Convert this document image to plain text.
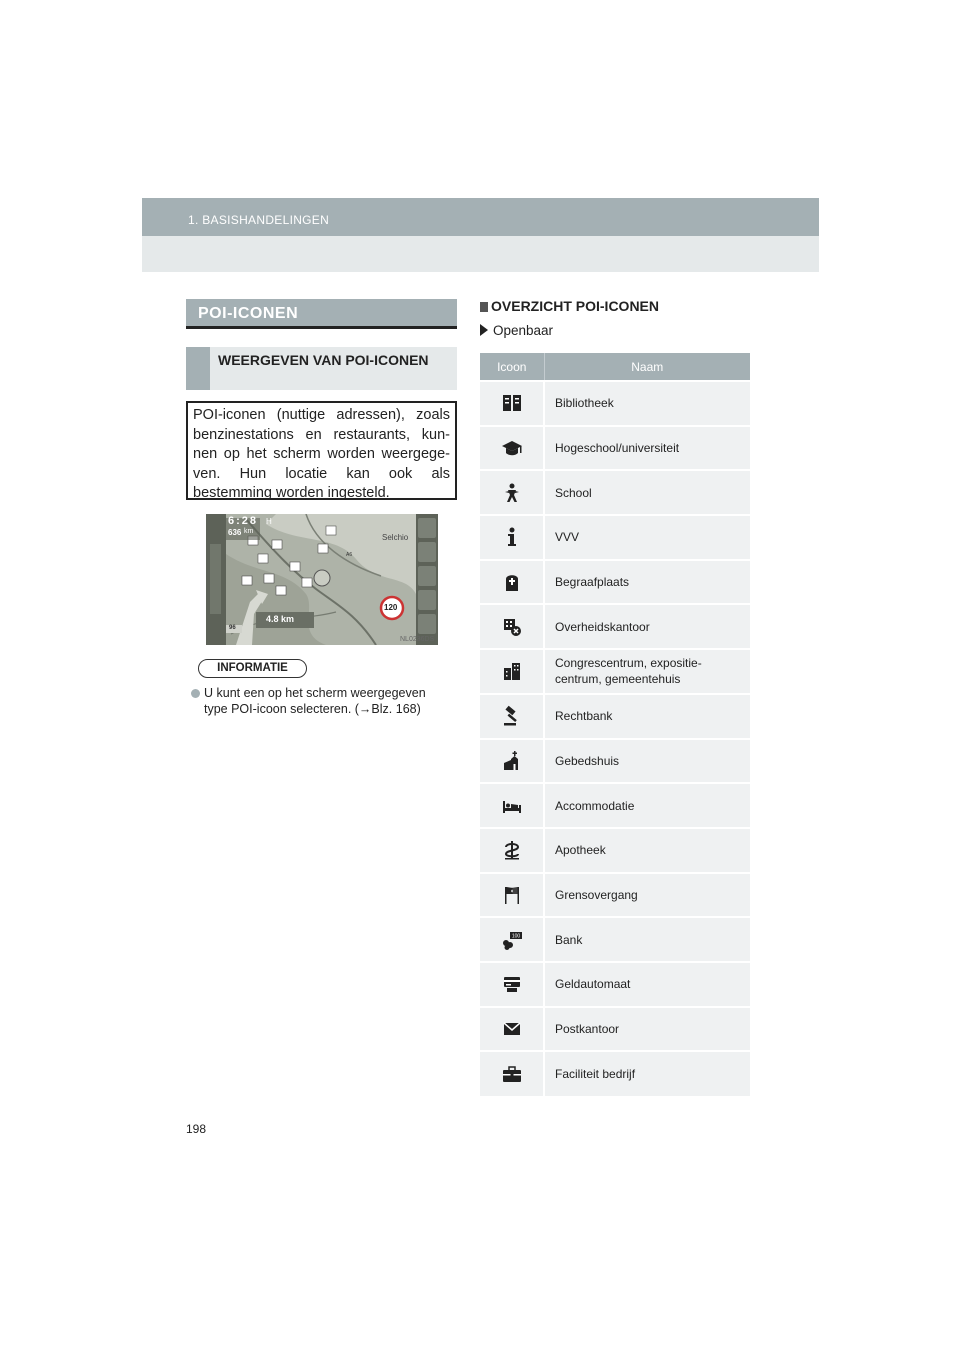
1. BASISHANDELINGEN
POI-ICONEN
WEERGEVEN VAN POI-ICONEN

POI-iconen (nuttige adressen), zoals benzinestations en restaurants, kun-nen op het scherm worden weergege-ven. Hun locatie kan ook als bestemming worden ingesteld.

6:28 H
636 km
Selchio
120
4.8 km
96
A6
NL0236DS
INFORMATIE
U kunt een op het scherm weergegeven
type POI-icoon selecteren. (→Blz. 168)
OVERZICHT POI-ICONEN
Openbaar
Icoon	Naam
	Bibliotheek
	Hogeschool/universiteit
	School
	VVV
	Begraafplaats
	Overheidskantoor
	Congrescentrum, expositie-
centrum, gemeentehuis
	Rechtbank
	Gebedshuis
	Accommodatie
	Apotheek
	Grensovergang

100	Bank
	Geldautomaat
	Postkantoor
	Faciliteit bedrijf
198
